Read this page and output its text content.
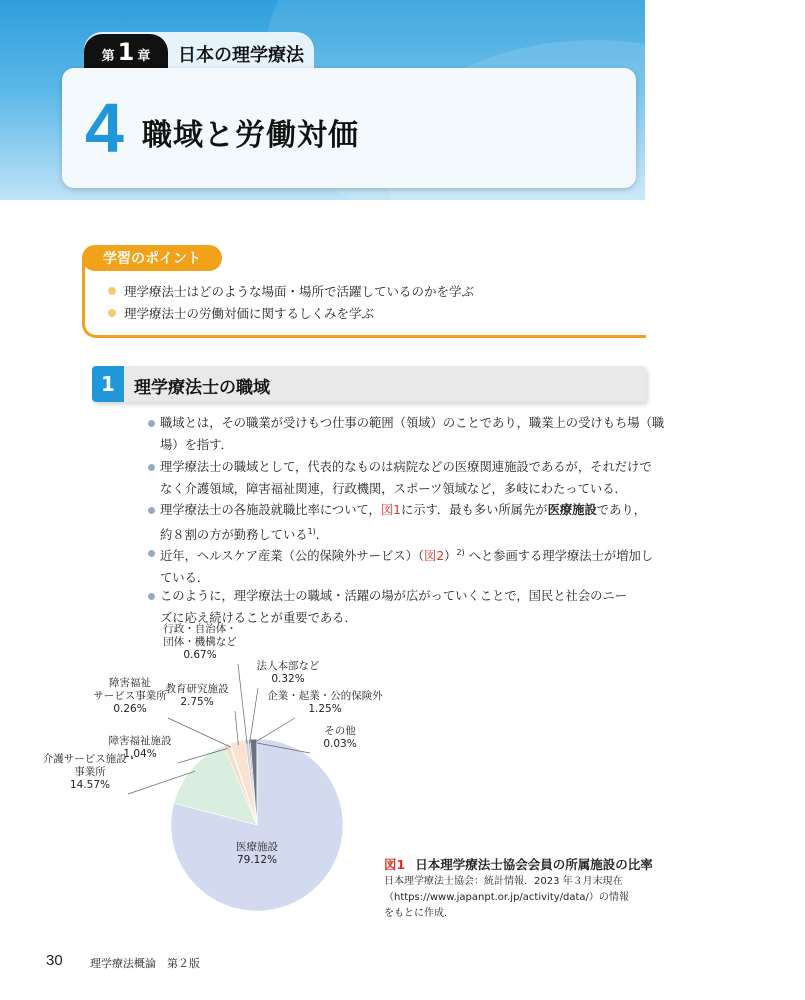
第 1 章 日本の理学療法
4 職域と労働対価
学習のポイント
理学療法士はどのような場面・場所で活躍しているのかを学ぶ
理学療法士の労働対価に関するしくみを学ぶ
1	理学療法士の職域
職域とは，その職業が受けもつ仕事の範囲（領域）のことであり，職業上の受けもち場（職
場）を指す．
理学療法士の職域として，代表的なものは病院などの医療関連施設であるが，それだけで
なく介護領域，障害福祉関連，行政機関，スポーツ領域など，多岐にわたっている．
理学療法士の各施設就職比率について，図1に示す．最も多い所属先が医療施設であり，
約８割の方が勤務している$^{1)}$．
近年，ヘルスケア産業（公的保険外サービス）（図2）$^{2)}$ へと参画する理学療法士が増加し
ている．
このように，理学療法士の職域・活躍の場が広がっていくことで，国民と社会のニー
ズに応え続けることが重要である．
医療施設
79.12%
介護サービス施設・
事業所
14.57%
障害福祉施設
1.04%
障害福祉
サービス事業所
0.26%
教育研究施設
2.75%
行政・自治体・
団体・機構など
0.67%
法人本部など
0.32%
企業・起業・公的保険外
1.25%
その他
0.03%
図1 日本理学療法士協会会員の所属施設の比率
日本理学療法士協会：統計情報．2023 年３月末現在
（https://www.japanpt.or.jp/activity/data/）の情報
をもとに作成.
30 理学療法概論　第２版
